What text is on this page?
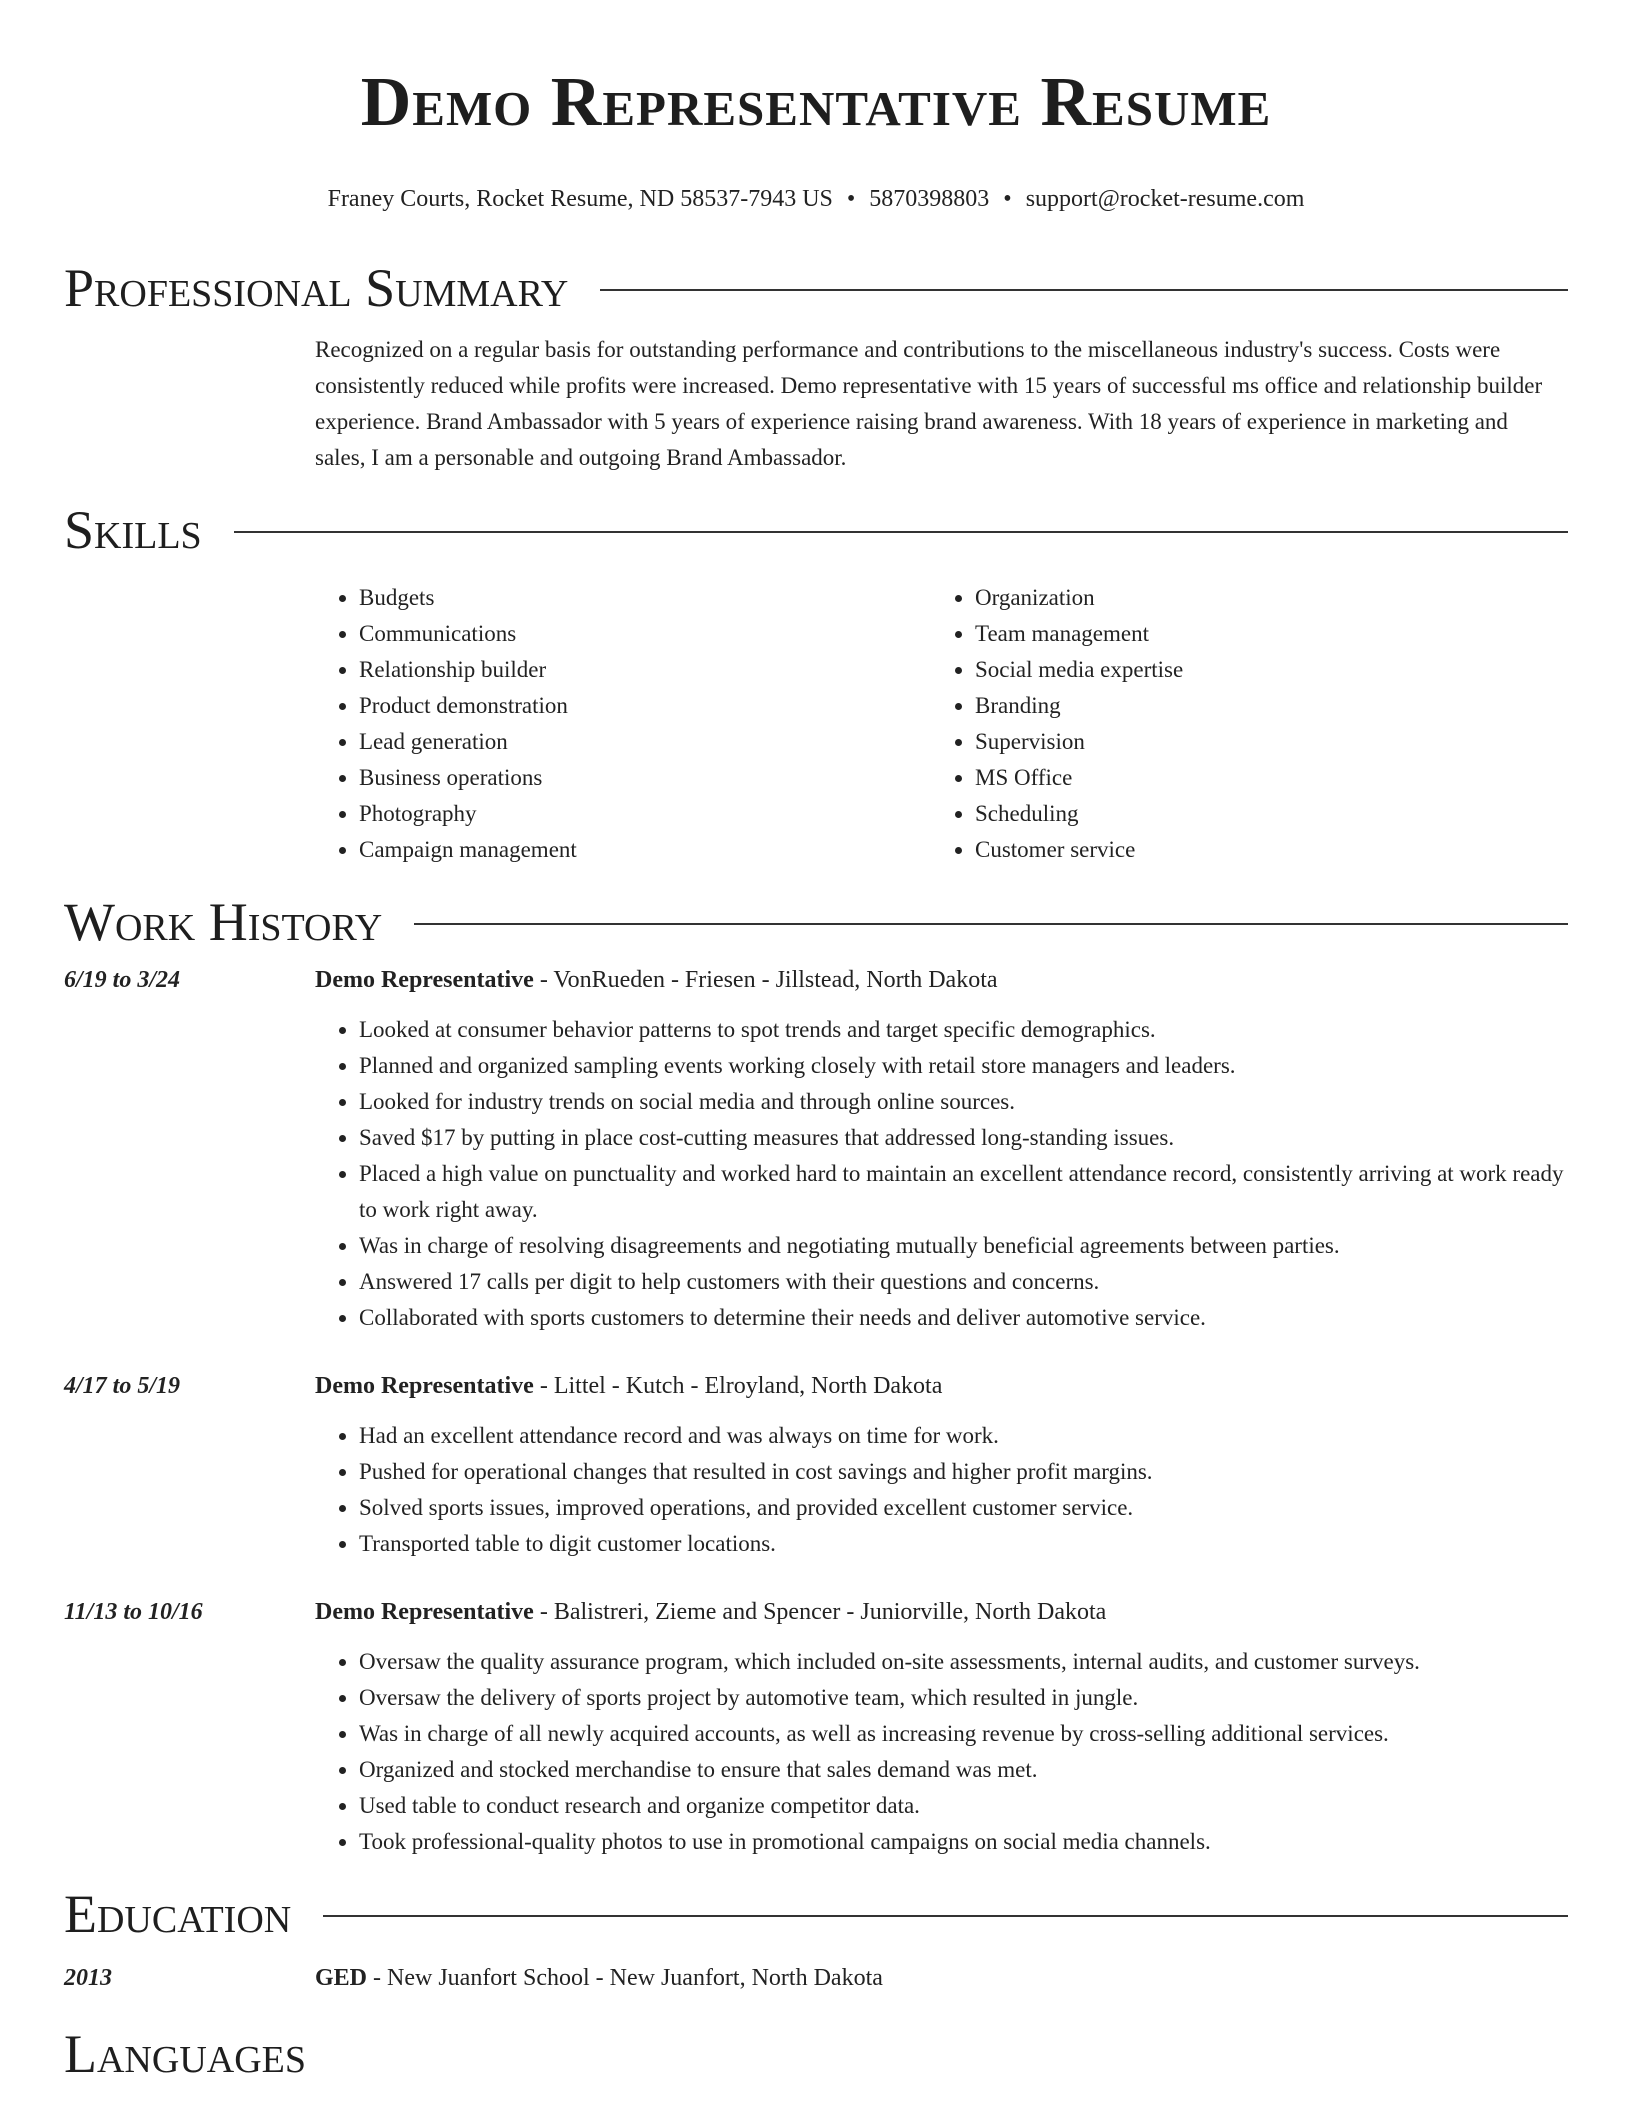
Demo Representative Resume
Franey Courts, Rocket Resume, ND 58537-7943 US • 5870398803 • support@rocket-resume.com
Professional Summary
Recognized on a regular basis for outstanding performance and contributions to the miscellaneous industry's success. Costs were consistently reduced while profits were increased. Demo representative with 15 years of successful ms office and relationship builder experience. Brand Ambassador with 5 years of experience raising brand awareness. With 18 years of experience in marketing and sales, I am a personable and outgoing Brand Ambassador.
Skills
• Budgets
• Communications
• Relationship builder
• Product demonstration
• Lead generation
• Business operations
• Photography
• Campaign management
• Organization
• Team management
• Social media expertise
• Branding
• Supervision
• MS Office
• Scheduling
• Customer service
Work History
6/19 to 3/24	Demo Representative - VonRueden - Friesen - Jillstead, North Dakota
• Looked at consumer behavior patterns to spot trends and target specific demographics.
• Planned and organized sampling events working closely with retail store managers and leaders.
• Looked for industry trends on social media and through online sources.
• Saved $17 by putting in place cost-cutting measures that addressed long-standing issues.
• Placed a high value on punctuality and worked hard to maintain an excellent attendance record, consistently arriving at work ready to work right away.
• Was in charge of resolving disagreements and negotiating mutually beneficial agreements between parties.
• Answered 17 calls per digit to help customers with their questions and concerns.
• Collaborated with sports customers to determine their needs and deliver automotive service.
4/17 to 5/19	Demo Representative - Littel - Kutch - Elroyland, North Dakota
• Had an excellent attendance record and was always on time for work.
• Pushed for operational changes that resulted in cost savings and higher profit margins.
• Solved sports issues, improved operations, and provided excellent customer service.
• Transported table to digit customer locations.
11/13 to 10/16	Demo Representative - Balistreri, Zieme and Spencer - Juniorville, North Dakota
• Oversaw the quality assurance program, which included on-site assessments, internal audits, and customer surveys.
• Oversaw the delivery of sports project by automotive team, which resulted in jungle.
• Was in charge of all newly acquired accounts, as well as increasing revenue by cross-selling additional services.
• Organized and stocked merchandise to ensure that sales demand was met.
• Used table to conduct research and organize competitor data.
• Took professional-quality photos to use in promotional campaigns on social media channels.
Education
2013	GED - New Juanfort School - New Juanfort, North Dakota
Languages
